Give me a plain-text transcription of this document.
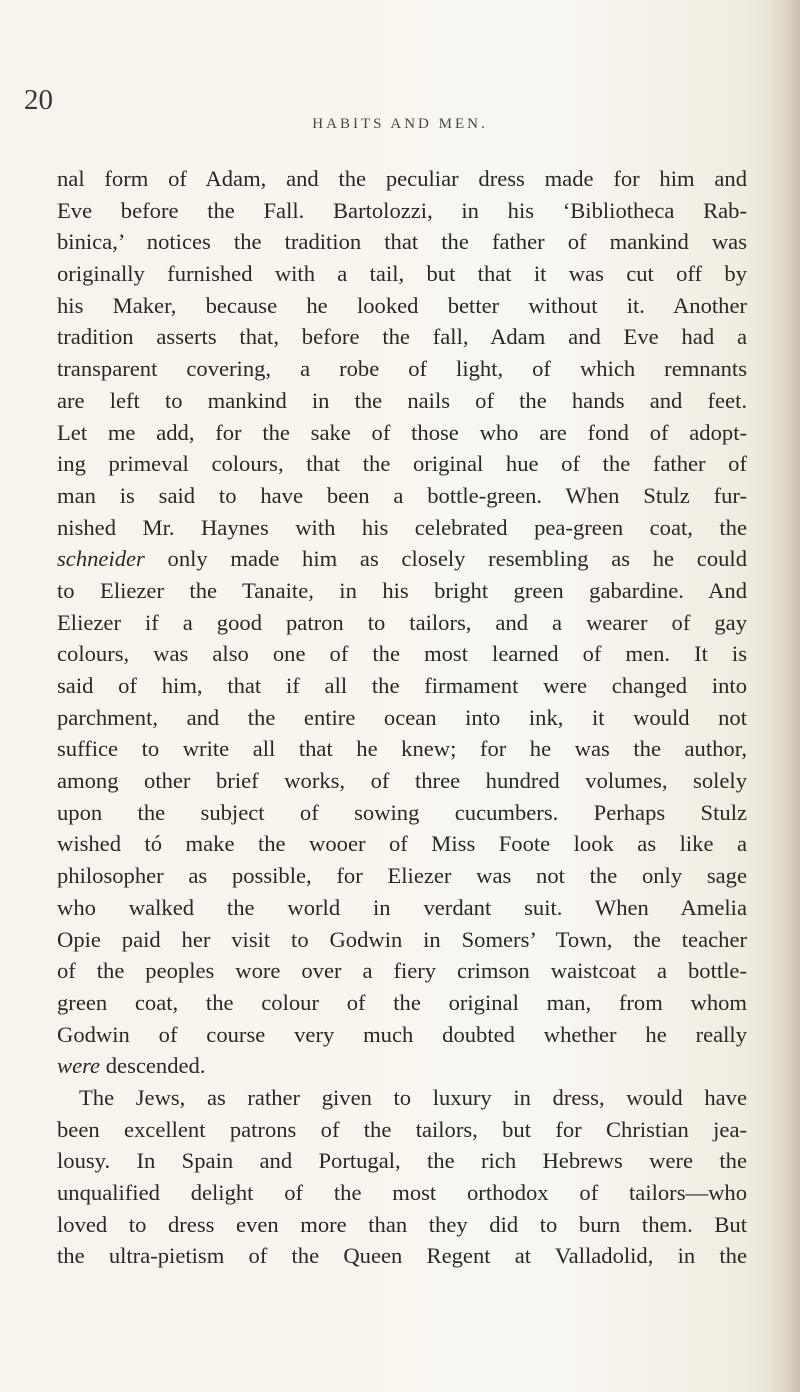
20
HABITS AND MEN.
nal form of Adam, and the peculiar dress made for him and
Eve before the Fall. Bartolozzi, in his ‘Bibliotheca Rab-
binica,’ notices the tradition that the father of mankind was
originally furnished with a tail, but that it was cut off by
his Maker, because he looked better without it. Another
tradition asserts that, before the fall, Adam and Eve had a
transparent covering, a robe of light, of which remnants
are left to mankind in the nails of the hands and feet.
Let me add, for the sake of those who are fond of adopt-
ing primeval colours, that the original hue of the father of
man is said to have been a bottle-green. When Stulz fur-
nished Mr. Haynes with his celebrated pea-green coat, the
schneider only made him as closely resembling as he could
to Eliezer the Tanaite, in his bright green gabardine. And
Eliezer if a good patron to tailors, and a wearer of gay
colours, was also one of the most learned of men. It is
said of him, that if all the firmament were changed into
parchment, and the entire ocean into ink, it would not
suffice to write all that he knew; for he was the author,
among other brief works, of three hundred volumes, solely
upon the subject of sowing cucumbers. Perhaps Stulz
wished tó make the wooer of Miss Foote look as like a
philosopher as possible, for Eliezer was not the only sage
who walked the world in verdant suit. When Amelia
Opie paid her visit to Godwin in Somers’ Town, the teacher
of the peoples wore over a fiery crimson waistcoat a bottle-
green coat, the colour of the original man, from whom
Godwin of course very much doubted whether he really
were descended.
The Jews, as rather given to luxury in dress, would have
been excellent patrons of the tailors, but for Christian jea-
lousy. In Spain and Portugal, the rich Hebrews were the
unqualified delight of the most orthodox of tailors—who
loved to dress even more than they did to burn them. But
the ultra-pietism of the Queen Regent at Valladolid, in the
